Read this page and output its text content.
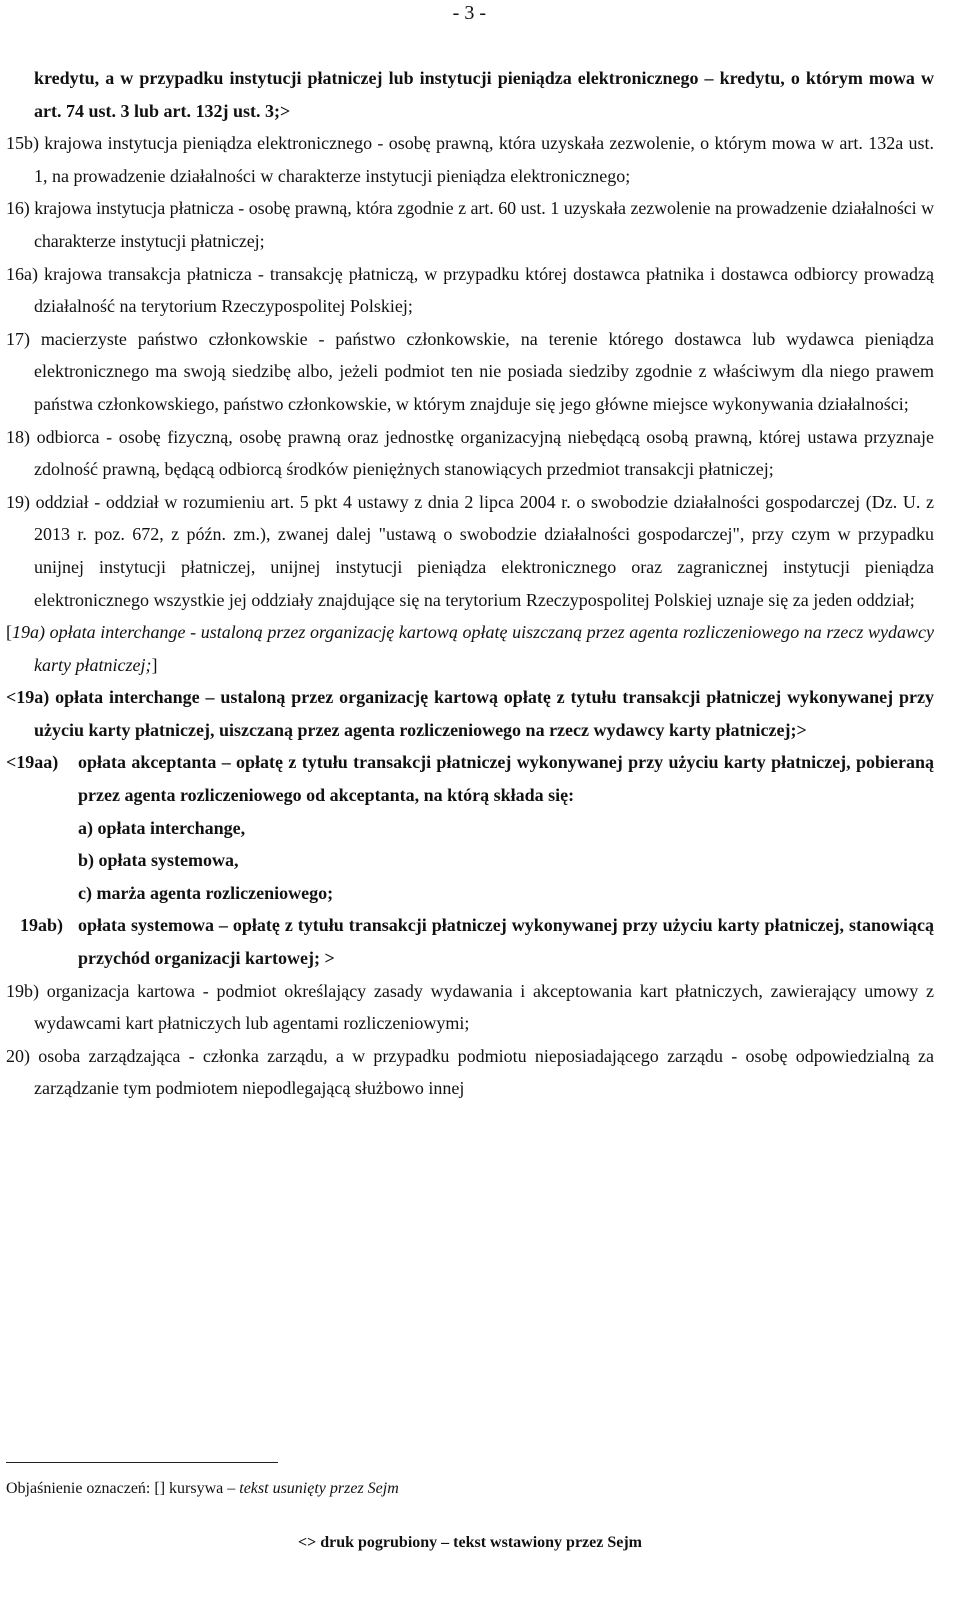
- 3 -

kredytu, a w przypadku instytucji płatniczej lub instytucji pieniądza elektronicznego – kredytu, o którym mowa w art. 74 ust. 3 lub art. 132j ust. 3;>

15b) krajowa instytucja pieniądza elektronicznego - osobę prawną, która uzyskała zezwolenie, o którym mowa w art. 132a ust. 1, na prowadzenie działalności w charakterze instytucji pieniądza elektronicznego;

16) krajowa instytucja płatnicza - osobę prawną, która zgodnie z art. 60 ust. 1 uzyskała zezwolenie na prowadzenie działalności w charakterze instytucji płatniczej;

16a) krajowa transakcja płatnicza - transakcję płatniczą, w przypadku której dostawca płatnika i dostawca odbiorcy prowadzą działalność na terytorium Rzeczypospolitej Polskiej;

17) macierzyste państwo członkowskie - państwo członkowskie, na terenie którego dostawca lub wydawca pieniądza elektronicznego ma swoją siedzibę albo, jeżeli podmiot ten nie posiada siedziby zgodnie z właściwym dla niego prawem państwa członkowskiego, państwo członkowskie, w którym znajduje się jego główne miejsce wykonywania działalności;

18) odbiorca - osobę fizyczną, osobę prawną oraz jednostkę organizacyjną niebędącą osobą prawną, której ustawa przyznaje zdolność prawną, będącą odbiorcą środków pieniężnych stanowiących przedmiot transakcji płatniczej;

19) oddział - oddział w rozumieniu art. 5 pkt 4 ustawy z dnia 2 lipca 2004 r. o swobodzie działalności gospodarczej (Dz. U. z 2013 r. poz. 672, z późn. zm.), zwanej dalej "ustawą o swobodzie działalności gospodarczej", przy czym w przypadku unijnej instytucji płatniczej, unijnej instytucji pieniądza elektronicznego oraz zagranicznej instytucji pieniądza elektronicznego wszystkie jej oddziały znajdujące się na terytorium Rzeczypospolitej Polskiej uznaje się za jeden oddział;

[19a) opłata interchange - ustaloną przez organizację kartową opłatę uiszczaną przez agenta rozliczeniowego na rzecz wydawcy karty płatniczej;]

<19a) opłata interchange – ustaloną przez organizację kartową opłatę z tytułu transakcji płatniczej wykonywanej przy użyciu karty płatniczej, uiszczaną przez agenta rozliczeniowego na rzecz wydawcy karty płatniczej;>

<19aa)	opłata akceptanta – opłatę z tytułu transakcji płatniczej wykonywanej przy użyciu karty płatniczej, pobieraną przez agenta rozliczeniowego od akceptanta, na którą składa się:
a) opłata interchange,
b) opłata systemowa,
c) marża agenta rozliczeniowego;
19ab) opłata systemowa – opłatę z tytułu transakcji płatniczej wykonywanej przy użyciu karty płatniczej, stanowiącą przychód organizacji kartowej; >

19b) organizacja kartowa - podmiot określający zasady wydawania i akceptowania kart płatniczych, zawierający umowy z wydawcami kart płatniczych lub agentami rozliczeniowymi;

20) osoba zarządzająca - członka zarządu, a w przypadku podmiotu nieposiadającego zarządu - osobę odpowiedzialną za zarządzanie tym podmiotem niepodlegającą służbowo innej

Objaśnienie oznaczeń: [] kursywa – tekst usunięty przez Sejm
<> druk pogrubiony – tekst wstawiony przez Sejm
